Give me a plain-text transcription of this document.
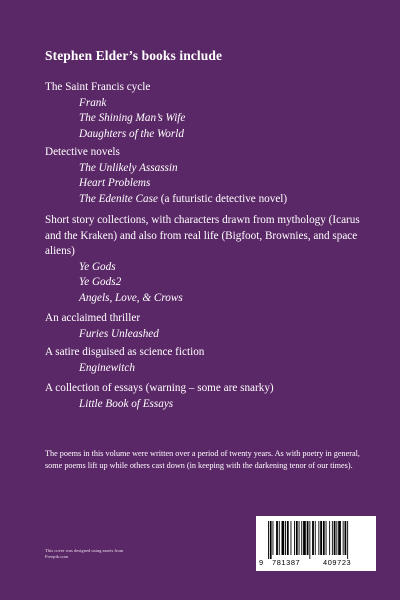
Stephen Elder’s books include
The Saint Francis cycle
Frank
The Shining Man’s Wife
Daughters of the World
Detective novels
The Unlikely Assassin
Heart Problems
The Edenite Case (a futuristic detective novel)
Short story collections, with characters drawn from mythology (Icarus and the Kraken) and also from real life (Bigfoot, Brownies, and space aliens)
Ye Gods
Ye Gods2
Angels, Love, & Crows
An acclaimed thriller
Furies Unleashed
A satire disguised as science fiction
Enginewitch
A collection of essays (warning – some are snarky)
Little Book of Essays
The poems in this volume were written over a period of twenty years. As with poetry in general, some poems lift up while others cast down (in keeping with the darkening tenor of our times).
This cover was designed using assets from Freepik.com
9 781387	409723
